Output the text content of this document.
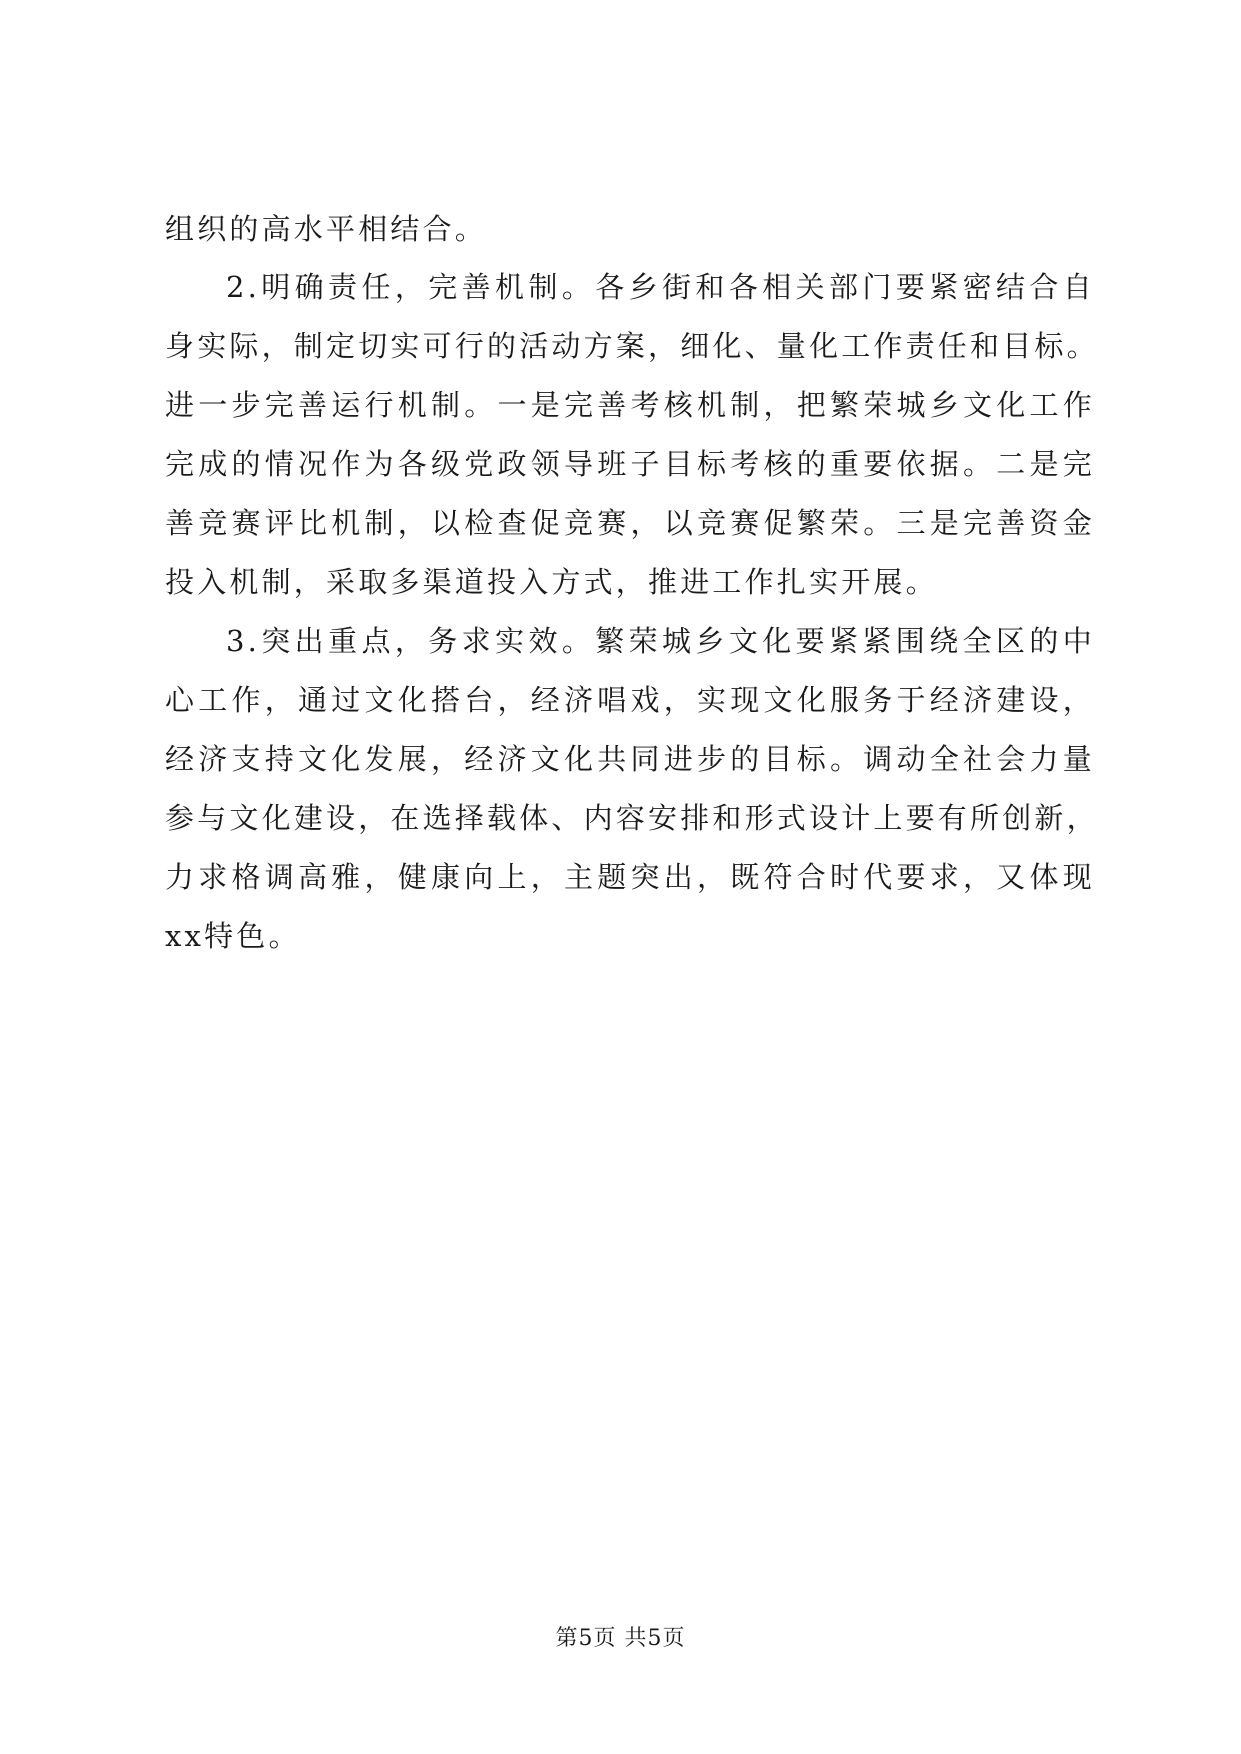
组织的高水平相结合。
2.明确责任，完善机制。各乡街和各相关部门要紧密结合自
身实际，制定切实可行的活动方案，细化、量化工作责任和目标。
进一步完善运行机制。一是完善考核机制，把繁荣城乡文化工作
完成的情况作为各级党政领导班子目标考核的重要依据。二是完
善竞赛评比机制，以检查促竞赛，以竞赛促繁荣。三是完善资金
投入机制，采取多渠道投入方式，推进工作扎实开展。
3.突出重点，务求实效。繁荣城乡文化要紧紧围绕全区的中
心工作，通过文化搭台，经济唱戏，实现文化服务于经济建设，
经济支持文化发展，经济文化共同进步的目标。调动全社会力量
参与文化建设，在选择载体、内容安排和形式设计上要有所创新，
力求格调高雅，健康向上，主题突出，既符合时代要求，又体现
xx特色。
第5页 共5页
